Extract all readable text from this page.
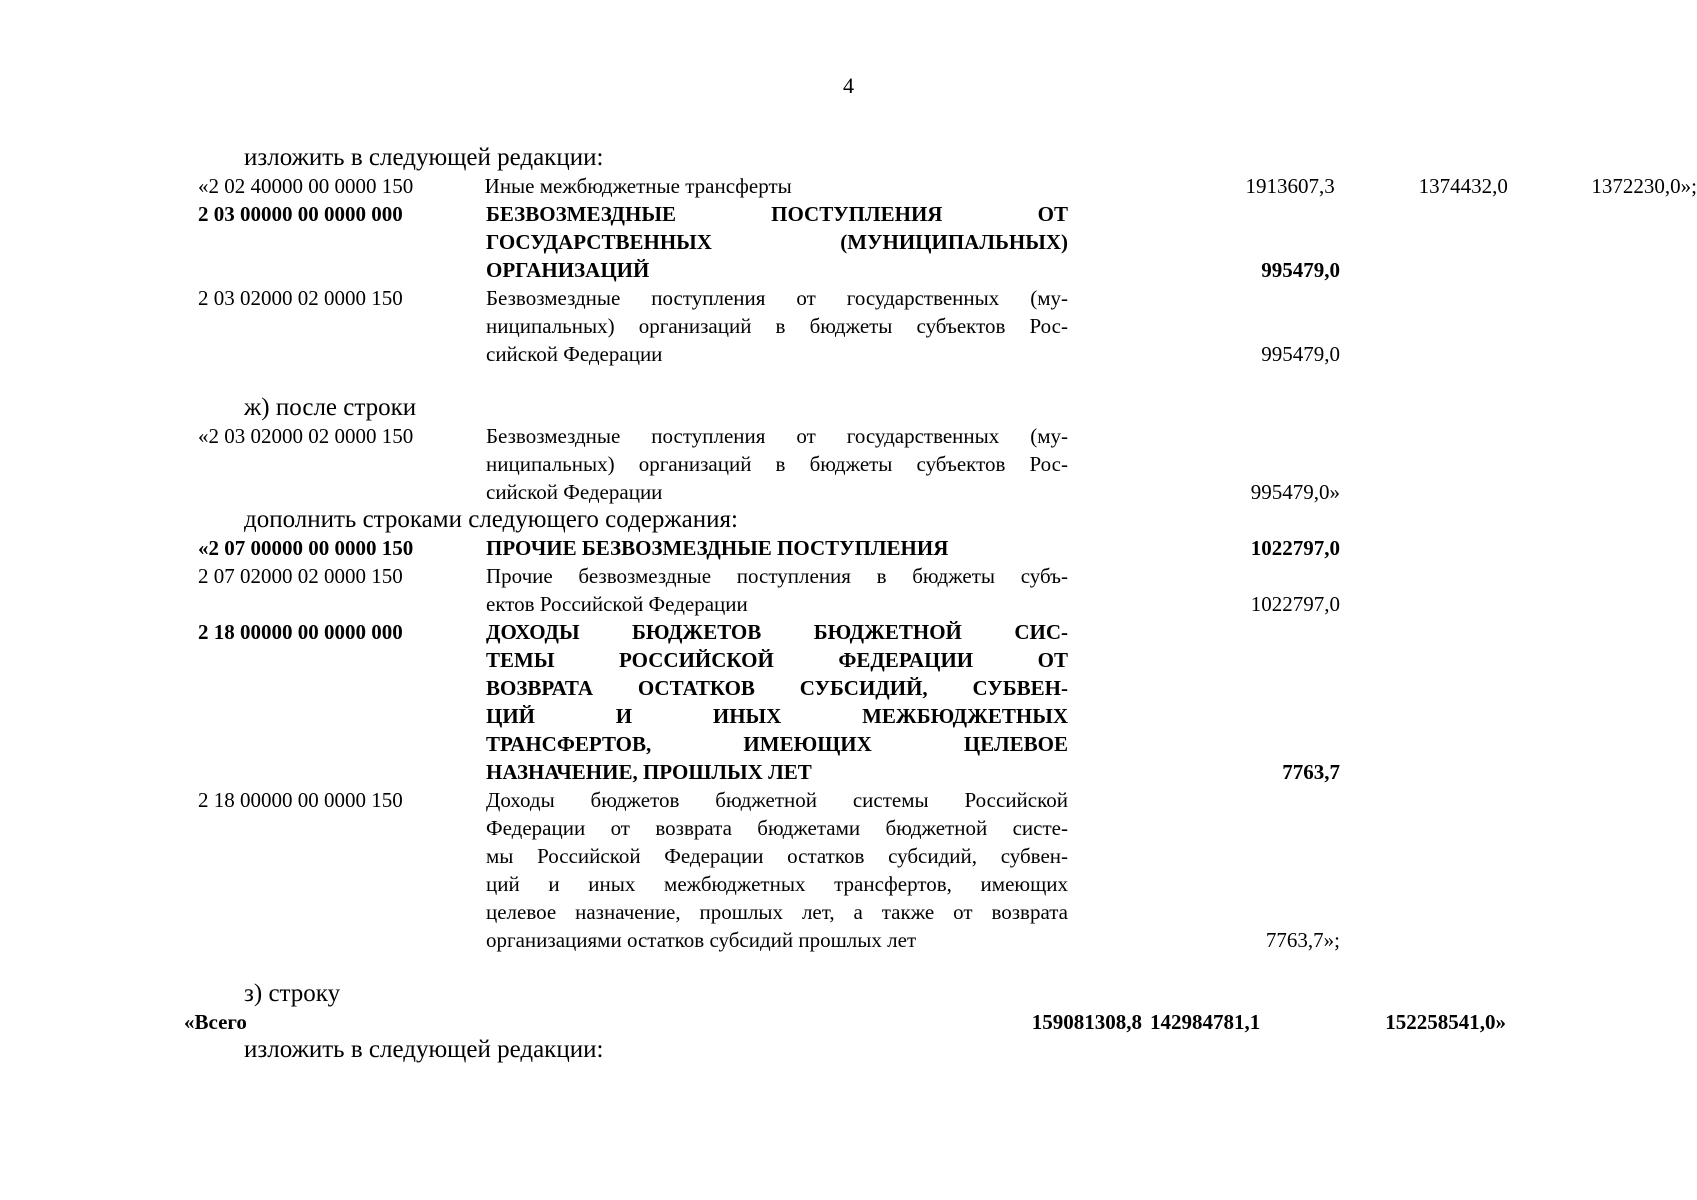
4
изложить в следующей редакции:
«2 02 40000 00 0000 150	Иные межбюджетные трансферты	1913607,3	1374432,0	1372230,0»;
2 03 00000 00 0000 000	БЕЗВОЗМЕЗДНЫЕ ПОСТУПЛЕНИЯ ОТ
ГОСУДАРСТВЕННЫХ (МУНИЦИПАЛЬНЫХ)
ОРГАНИЗАЦИЙ	995479,0
2 03 02000 02 0000 150	Безвозмездные поступления от государственных (му-
ниципальных) организаций в бюджеты субъектов Рос-
сийской Федерации	995479,0
ж) после строки
«2 03 02000 02 0000 150	Безвозмездные поступления от государственных (му-
ниципальных) организаций в бюджеты субъектов Рос-
сийской Федерации	995479,0»
дополнить строками следующего содержания:
«2 07 00000 00 0000 150	ПРОЧИЕ БЕЗВОЗМЕЗДНЫЕ ПОСТУПЛЕНИЯ	1022797,0
2 07 02000 02 0000 150	Прочие безвозмездные поступления в бюджеты субъ-
ектов Российской Федерации	1022797,0
2 18 00000 00 0000 000	ДОХОДЫ БЮДЖЕТОВ БЮДЖЕТНОЙ СИС-
ТЕМЫ РОССИЙСКОЙ ФЕДЕРАЦИИ ОТ
ВОЗВРАТА ОСТАТКОВ СУБСИДИЙ, СУБВЕН-
ЦИЙ И ИНЫХ МЕЖБЮДЖЕТНЫХ
ТРАНСФЕРТОВ, ИМЕЮЩИХ ЦЕЛЕВОЕ
НАЗНАЧЕНИЕ, ПРОШЛЫХ ЛЕТ	7763,7
2 18 00000 00 0000 150	Доходы бюджетов бюджетной системы Российской
Федерации от возврата бюджетами бюджетной систе-
мы Российской Федерации остатков субсидий, субвен-
ций и иных межбюджетных трансфертов, имеющих
целевое назначение, прошлых лет, а также от возврата
организациями остатков субсидий прошлых лет	7763,7»;
з) строку
«Всего	159081308,8 142984781,1	152258541,0»
изложить в следующей редакции:
